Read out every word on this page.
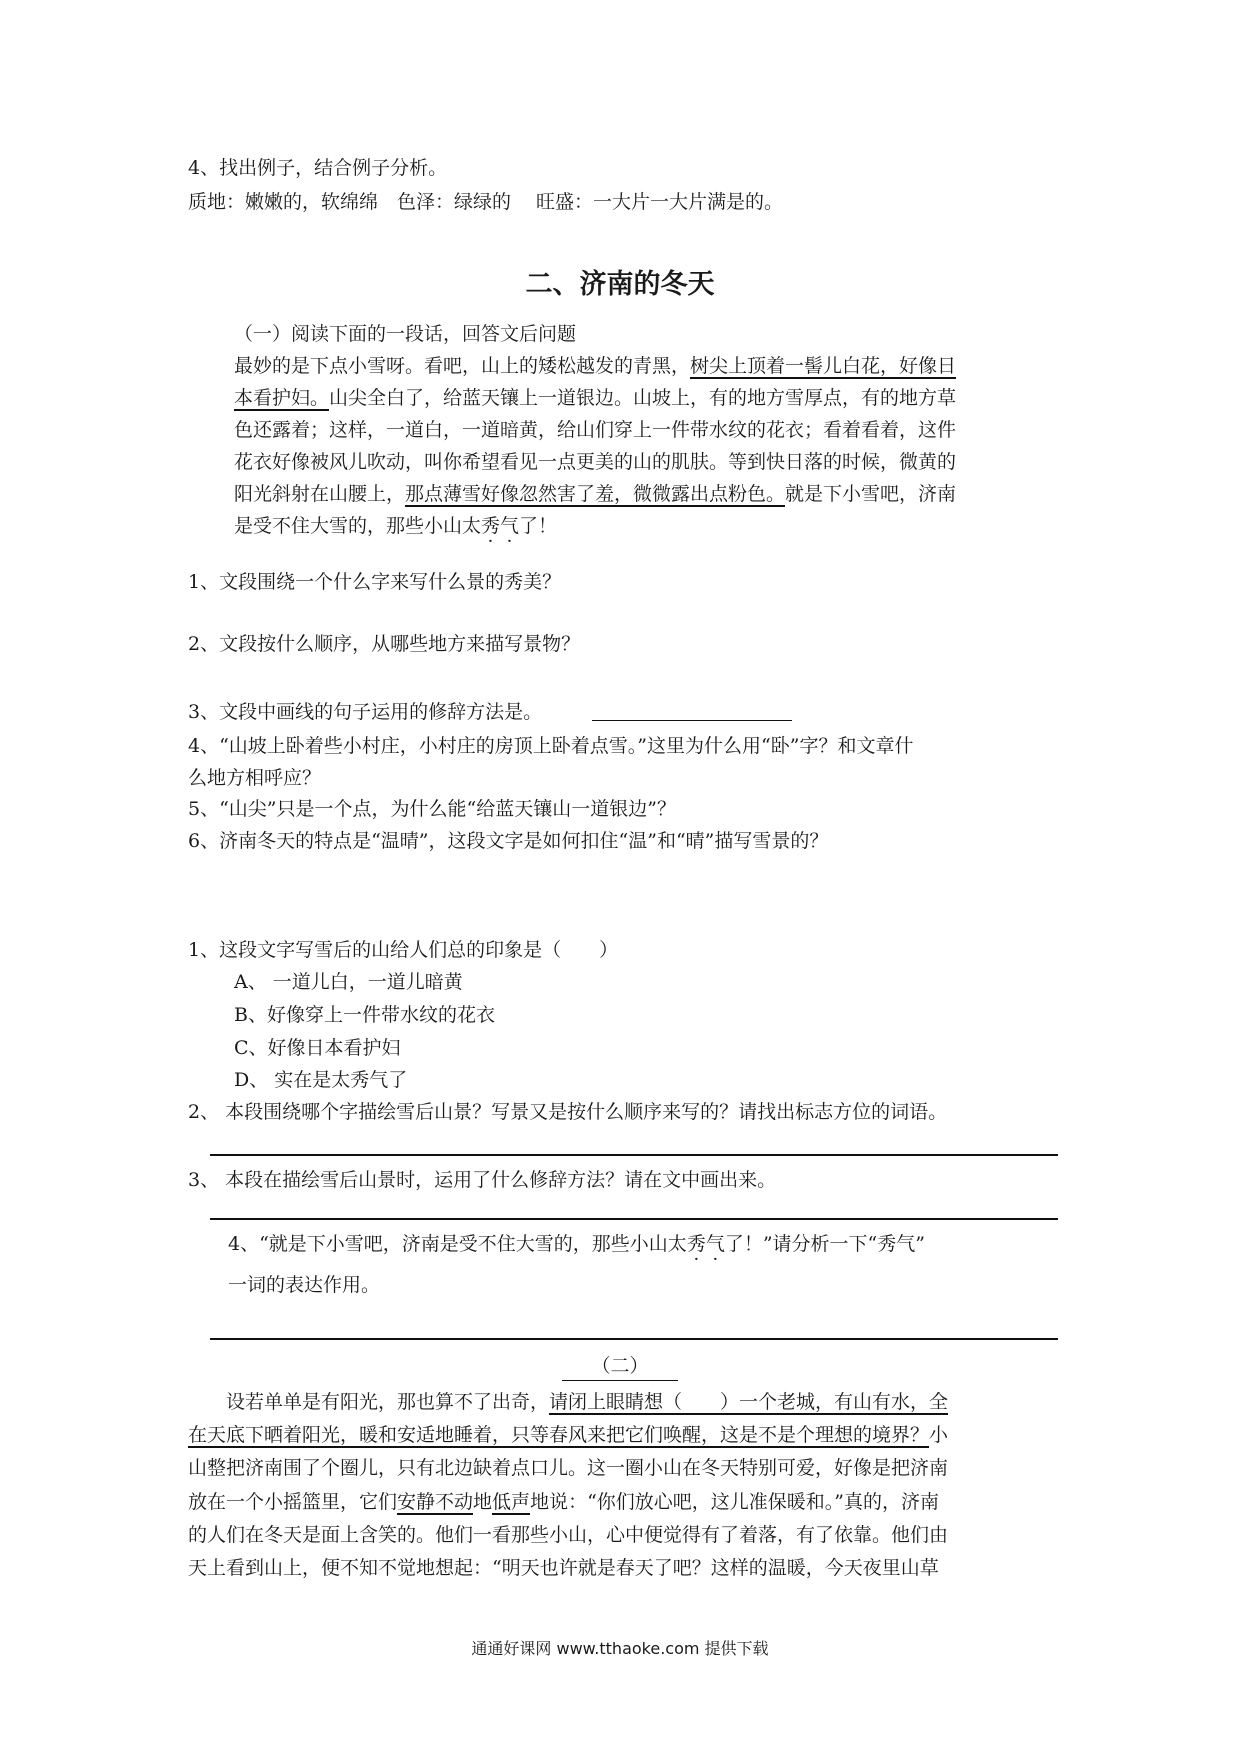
4、找出例子，结合例子分析。
质地：嫩嫩的，软绵绵　色泽：绿绿的　 旺盛：一大片一大片满是的。
二、济南的冬天
（一）阅读下面的一段话，回答文后问题
最妙的是下点小雪呀。看吧，山上的矮松越发的青黑，树尖上顶着一髻儿白花，好像日
本看护妇。山尖全白了，给蓝天镶上一道银边。山坡上，有的地方雪厚点，有的地方草
色还露着；这样，一道白，一道暗黄，给山们穿上一件带水纹的花衣；看着看着，这件
花衣好像被风儿吹动，叫你希望看见一点更美的山的肌肤。等到快日落的时候，微黄的
阳光斜射在山腰上，那点薄雪好像忽然害了羞，微微露出点粉色。就是下小雪吧，济南
是受不住大雪的，那些小山太秀气了！
1、文段围绕一个什么字来写什么景的秀美？
2、文段按什么顺序，从哪些地方来描写景物？
3、文段中画线的句子运用的修辞方法是。
4、“山坡上卧着些小村庄，小村庄的房顶上卧着点雪。”这里为什么用“卧”字？和文章什
么地方相呼应？
5、“山尖”只是一个点，为什么能“给蓝天镶山一道银边”？
6、济南冬天的特点是“温晴”，这段文字是如何扣住“温”和“晴”描写雪景的？
1、这段文字写雪后的山给人们总的印象是（　　）
A、 一道儿白，一道儿暗黄
B、好像穿上一件带水纹的花衣
C、好像日本看护妇
D、 实在是太秀气了
2、 本段围绕哪个字描绘雪后山景？写景又是按什么顺序来写的？请找出标志方位的词语。
3、 本段在描绘雪后山景时，运用了什么修辞方法？请在文中画出来。
4、“就是下小雪吧，济南是受不住大雪的，那些小山太秀气了！”请分析一下“秀气”
一词的表达作用。
（二）
　　设若单单是有阳光，那也算不了出奇，请闭上眼睛想（　　）一个老城，有山有水，全
在天底下晒着阳光，暖和安适地睡着，只等春风来把它们唤醒，这是不是个理想的境界？小
山整把济南围了个圈儿，只有北边缺着点口儿。这一圈小山在冬天特别可爱，好像是把济南
放在一个小摇篮里，它们安静不动地低声地说：“你们放心吧，这儿准保暖和。”真的，济南
的人们在冬天是面上含笑的。他们一看那些小山，心中便觉得有了着落，有了依靠。他们由
天上看到山上，便不知不觉地想起：“明天也许就是春天了吧？这样的温暖，今天夜里山草
通通好课网 www.tthaoke.com 提供下载
